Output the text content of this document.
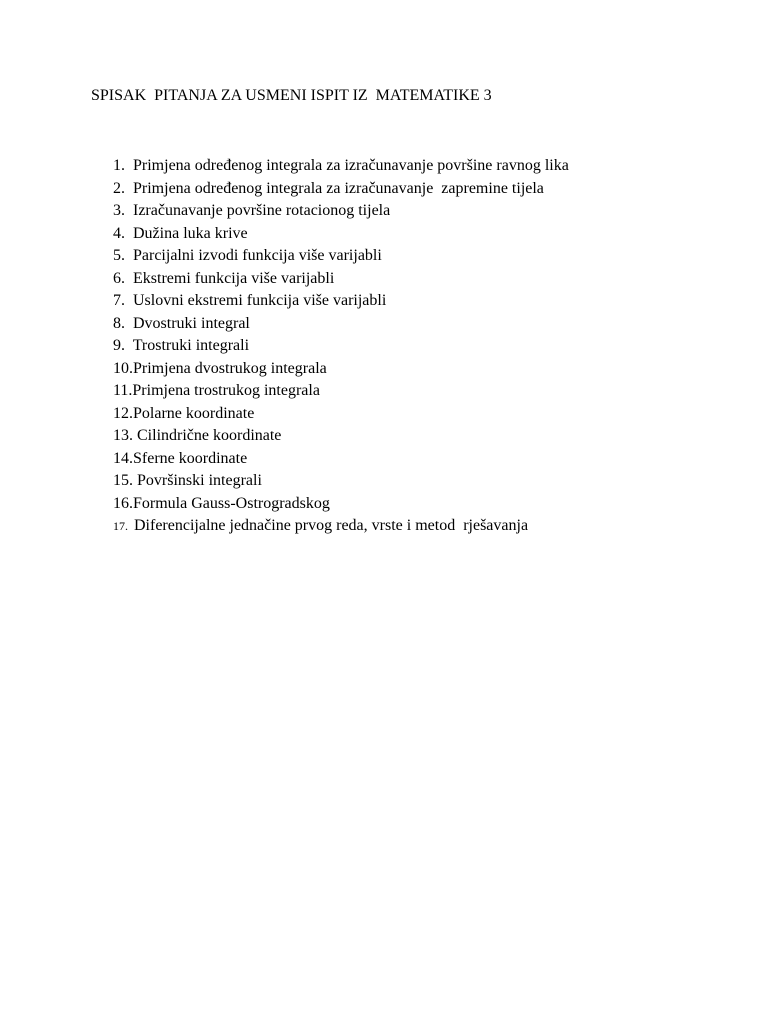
SPISAK  PITANJA ZA USMENI ISPIT IZ  MATEMATIKE 3
1.  Primjena određenog integrala za izračunavanje površine ravnog lika
2.  Primjena određenog integrala za izračunavanje  zapremine tijela
3.  Izračunavanje površine rotacionog tijela
4.  Dužina luka krive
5.  Parcijalni izvodi funkcija više varijabli
6.  Ekstremi funkcija više varijabli
7.  Uslovni ekstremi funkcija više varijabli
8.  Dvostruki integral
9.  Trostruki integrali
10.Primjena dvostrukog integrala
11.Primjena trostrukog integrala
12.Polarne koordinate
13. Cilindrične koordinate
14.Sferne koordinate
15. Površinski integrali
16.Formula Gauss-Ostrogradskog
17.  Diferencijalne jednačine prvog reda, vrste i metod  rješavanja
